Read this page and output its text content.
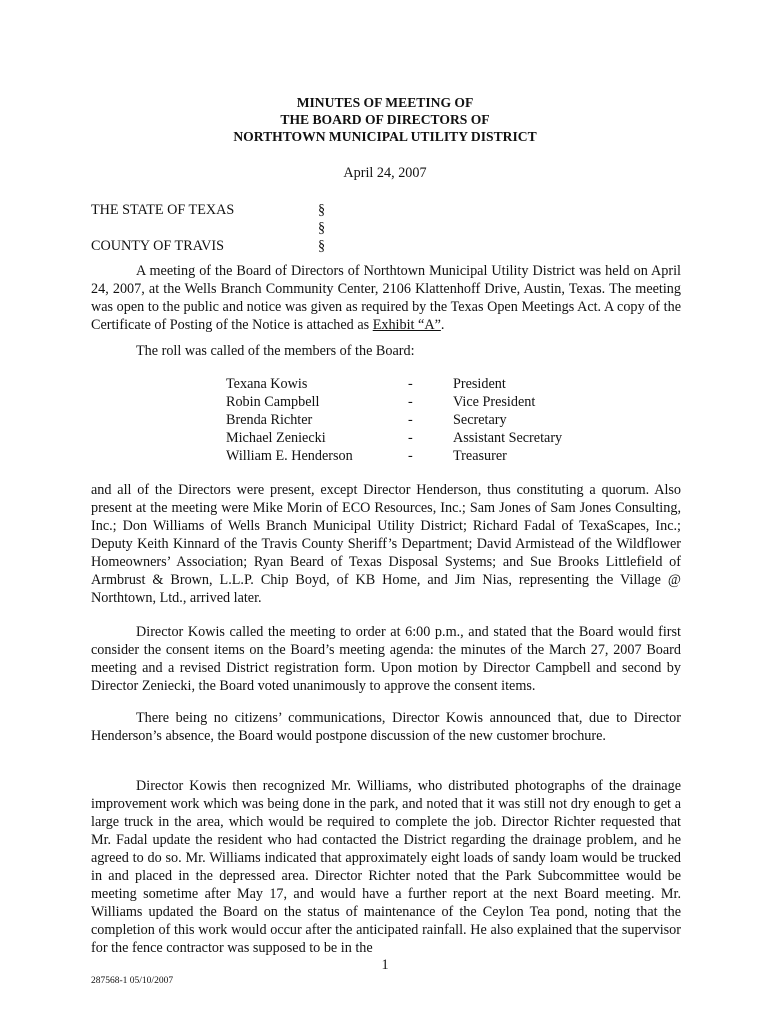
MINUTES OF MEETING OF
THE BOARD OF DIRECTORS OF
NORTHTOWN MUNICIPAL UTILITY DISTRICT
April 24, 2007
THE STATE OF TEXAS	§
§
COUNTY OF TRAVIS	§

A meeting of the Board of Directors of Northtown Municipal Utility District was held on April 24, 2007, at the Wells Branch Community Center, 2106 Klattenhoff Drive, Austin, Texas. The meeting was open to the public and notice was given as required by the Texas Open Meetings Act. A copy of the Certificate of Posting of the Notice is attached as Exhibit “A”.

The roll was called of the members of the Board:

Texana Kowis	-	President
Robin Campbell	-	Vice President
Brenda Richter	-	Secretary
Michael Zeniecki	-	Assistant Secretary
William E. Henderson	-	Treasurer

and all of the Directors were present, except Director Henderson, thus constituting a quorum. Also present at the meeting were Mike Morin of ECO Resources, Inc.; Sam Jones of Sam Jones Consulting, Inc.; Don Williams of Wells Branch Municipal Utility District; Richard Fadal of TexaScapes, Inc.; Deputy Keith Kinnard of the Travis County Sheriff’s Department; David Armistead of the Wildflower Homeowners’ Association; Ryan Beard of Texas Disposal Systems; and Sue Brooks Littlefield of Armbrust & Brown, L.L.P. Chip Boyd, of KB Home, and Jim Nias, representing the Village @ Northtown, Ltd., arrived later.

Director Kowis called the meeting to order at 6:00 p.m., and stated that the Board would first consider the consent items on the Board’s meeting agenda: the minutes of the March 27, 2007 Board meeting and a revised District registration form. Upon motion by Director Campbell and second by Director Zeniecki, the Board voted unanimously to approve the consent items.

There being no citizens’ communications, Director Kowis announced that, due to Director Henderson’s absence, the Board would postpone discussion of the new customer brochure.

Director Kowis then recognized Mr. Williams, who distributed photographs of the drainage improvement work which was being done in the park, and noted that it was still not dry enough to get a large truck in the area, which would be required to complete the job. Director Richter requested that Mr. Fadal update the resident who had contacted the District regarding the drainage problem, and he agreed to do so. Mr. Williams indicated that approximately eight loads of sandy loam would be trucked in and placed in the depressed area. Director Richter noted that the Park Subcommittee would be meeting sometime after May 17, and would have a further report at the next Board meeting. Mr. Williams updated the Board on the status of maintenance of the Ceylon Tea pond, noting that the completion of this work would occur after the anticipated rainfall. He also explained that the supervisor for the fence contractor was supposed to be in the

1
287568-1 05/10/2007
